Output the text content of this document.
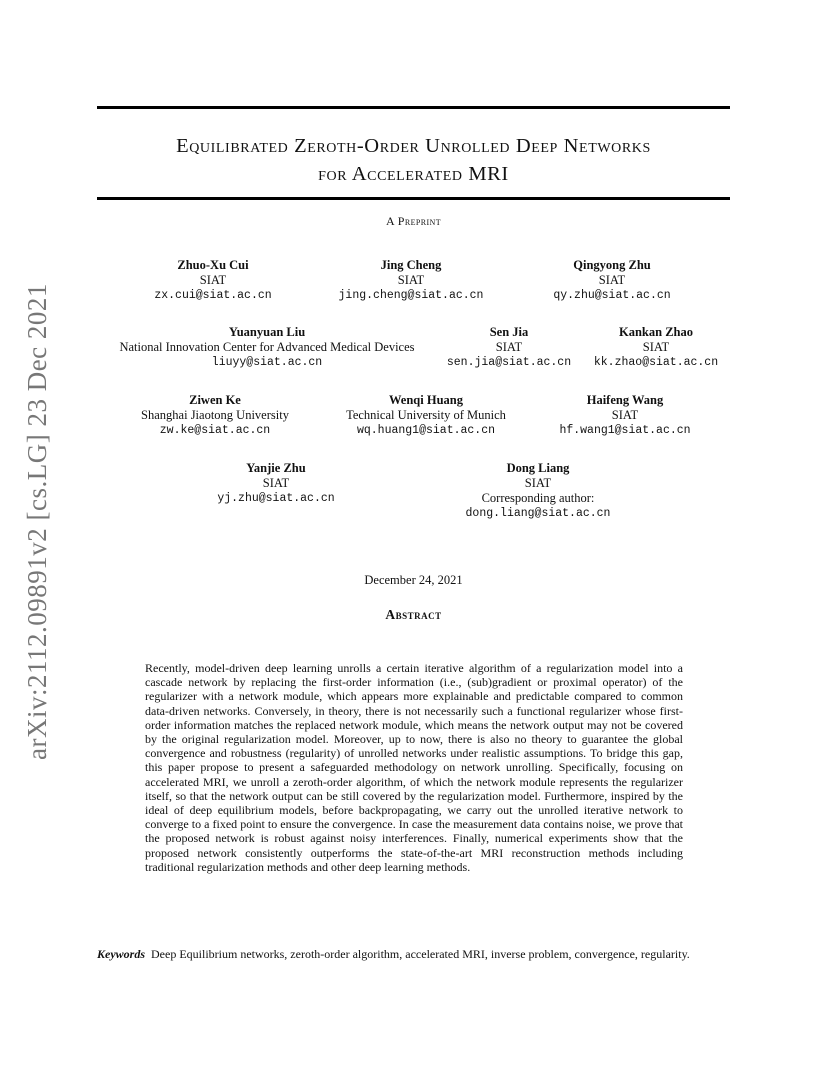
arXiv:2112.09891v2 [cs.LG] 23 Dec 2021
Equilibrated Zeroth-Order Unrolled Deep Networks
for Accelerated MRI
A Preprint
Zhuo-Xu Cui
SIAT
zx.cui@siat.ac.cn
Jing Cheng
SIAT
jing.cheng@siat.ac.cn
Qingyong Zhu
SIAT
qy.zhu@siat.ac.cn
Yuanyuan Liu
National Innovation Center for Advanced Medical Devices
liuyy@siat.ac.cn
Sen Jia
SIAT
sen.jia@siat.ac.cn
Kankan Zhao
SIAT
kk.zhao@siat.ac.cn
Ziwen Ke
Shanghai Jiaotong University
zw.ke@siat.ac.cn
Wenqi Huang
Technical University of Munich
wq.huang1@siat.ac.cn
Haifeng Wang
SIAT
hf.wang1@siat.ac.cn
Yanjie Zhu
SIAT
yj.zhu@siat.ac.cn
Dong Liang
SIAT
Corresponding author:
dong.liang@siat.ac.cn
December 24, 2021
Abstract
Recently, model-driven deep learning unrolls a certain iterative algorithm of a regularization model into a cascade network by replacing the first-order information (i.e., (sub)gradient or proximal operator) of the regularizer with a network module, which appears more explainable and predictable compared to common data-driven networks. Conversely, in theory, there is not necessarily such a functional regularizer whose first-order information matches the replaced network module, which means the network output may not be covered by the original regularization model. Moreover, up to now, there is also no theory to guarantee the global convergence and robustness (regularity) of unrolled networks under realistic assumptions. To bridge this gap, this paper propose to present a safeguarded methodology on network unrolling. Specifically, focusing on accelerated MRI, we unroll a zeroth-order algorithm, of which the network module represents the regularizer itself, so that the network output can be still covered by the regularization model. Furthermore, inspired by the ideal of deep equilibrium models, before backpropagating, we carry out the unrolled iterative network to converge to a fixed point to ensure the convergence. In case the measurement data contains noise, we prove that the proposed network is robust against noisy interferences. Finally, numerical experiments show that the proposed network consistently outperforms the state-of-the-art MRI reconstruction methods including traditional regularization methods and other deep learning methods.
Keywords Deep Equilibrium networks, zeroth-order algorithm, accelerated MRI, inverse problem, convergence, regularity.
